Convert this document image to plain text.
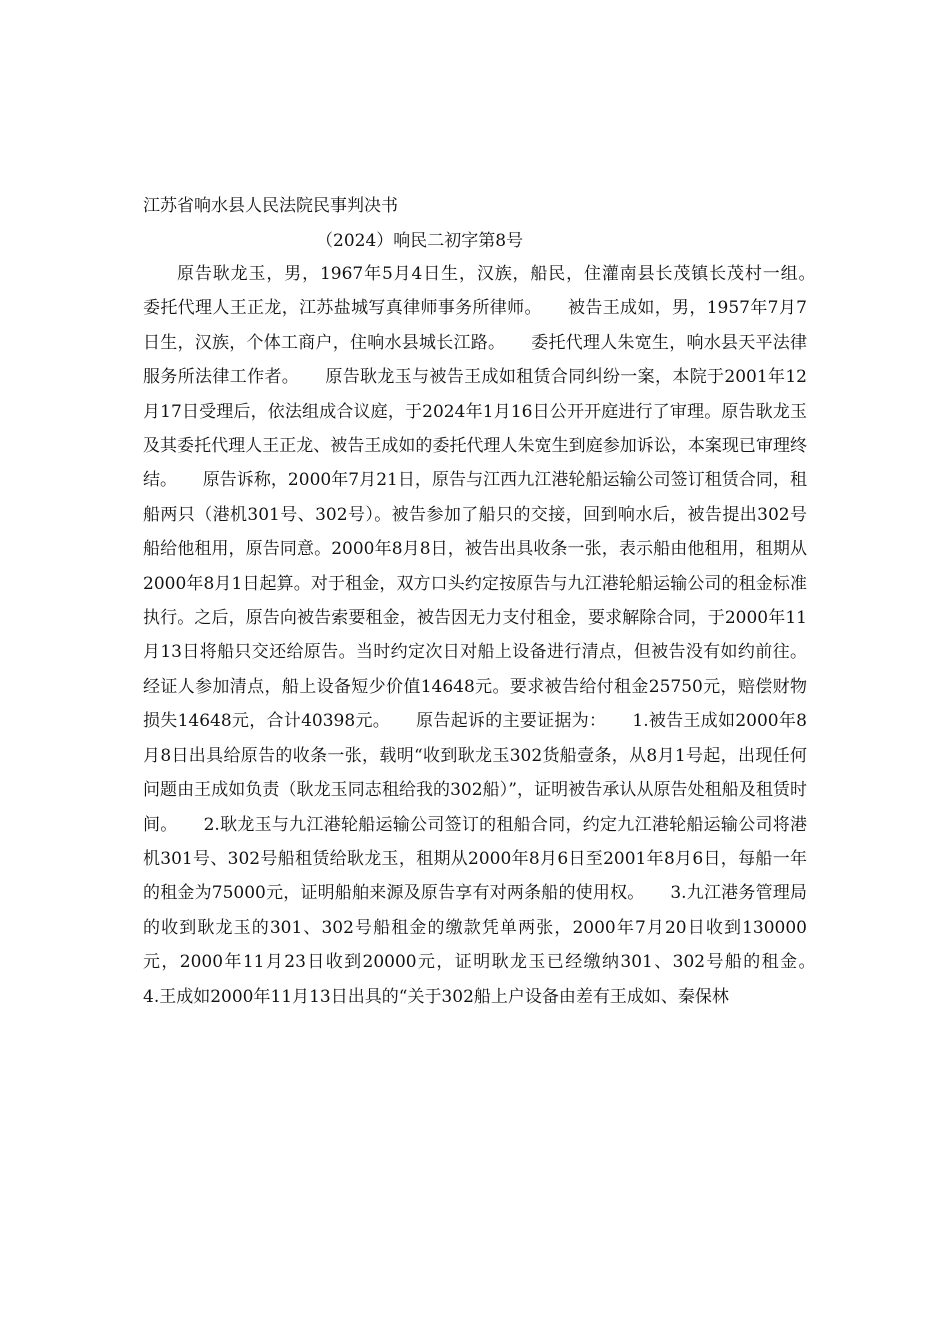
江苏省响水县人民法院民事判决书
（2024）响民二初字第8号

原告耿龙玉，男，1967年5月4日生，汉族，船民，住灌南县长茂镇长茂村一组。　　委托代理人王正龙，江苏盐城写真律师事务所律师。　　被告王成如，男，1957年7月7日生，汉族，个体工商户，住响水县城长江路。　　委托代理人朱宽生，响水县天平法律服务所法律工作者。　　原告耿龙玉与被告王成如租赁合同纠纷一案，本院于2001年12月17日受理后，依法组成合议庭，于2024年1月16日公开开庭进行了审理。原告耿龙玉及其委托代理人王正龙、被告王成如的委托代理人朱宽生到庭参加诉讼，本案现已审理终结。　　原告诉称，2000年7月21日，原告与江西九江港轮船运输公司签订租赁合同，租船两只（港机301号、302号）。被告参加了船只的交接，回到响水后，被告提出302号船给他租用，原告同意。2000年8月8日，被告出具收条一张，表示船由他租用，租期从2000年8月1日起算。对于租金，双方口头约定按原告与九江港轮船运输公司的租金标准执行。之后，原告向被告索要租金，被告因无力支付租金，要求解除合同，于2000年11月13日将船只交还给原告。当时约定次日对船上设备进行清点，但被告没有如约前往。经证人参加清点，船上设备短少价值14648元。要求被告给付租金25750元，赔偿财物损失14648元，合计40398元。　　原告起诉的主要证据为：　　1.被告王成如2000年8月8日出具给原告的收条一张，载明“收到耿龙玉302货船壹条，从8月1号起，出现任何问题由王成如负责（耿龙玉同志租给我的302船）”，证明被告承认从原告处租船及租赁时间。　　2.耿龙玉与九江港轮船运输公司签订的租船合同，约定九江港轮船运输公司将港机301号、302号船租赁给耿龙玉，租期从2000年8月6日至2001年8月6日，每船一年的租金为75000元，证明船舶来源及原告享有对两条船的使用权。　　3.九江港务管理局的收到耿龙玉的301、302号船租金的缴款凭单两张，2000年7月20日收到130000元，2000年11月23日收到20000元，证明耿龙玉已经缴纳301、302号船的租金。　　4.王成如2000年11月13日出具的“关于302船上户设备由差有王成如、秦保林
